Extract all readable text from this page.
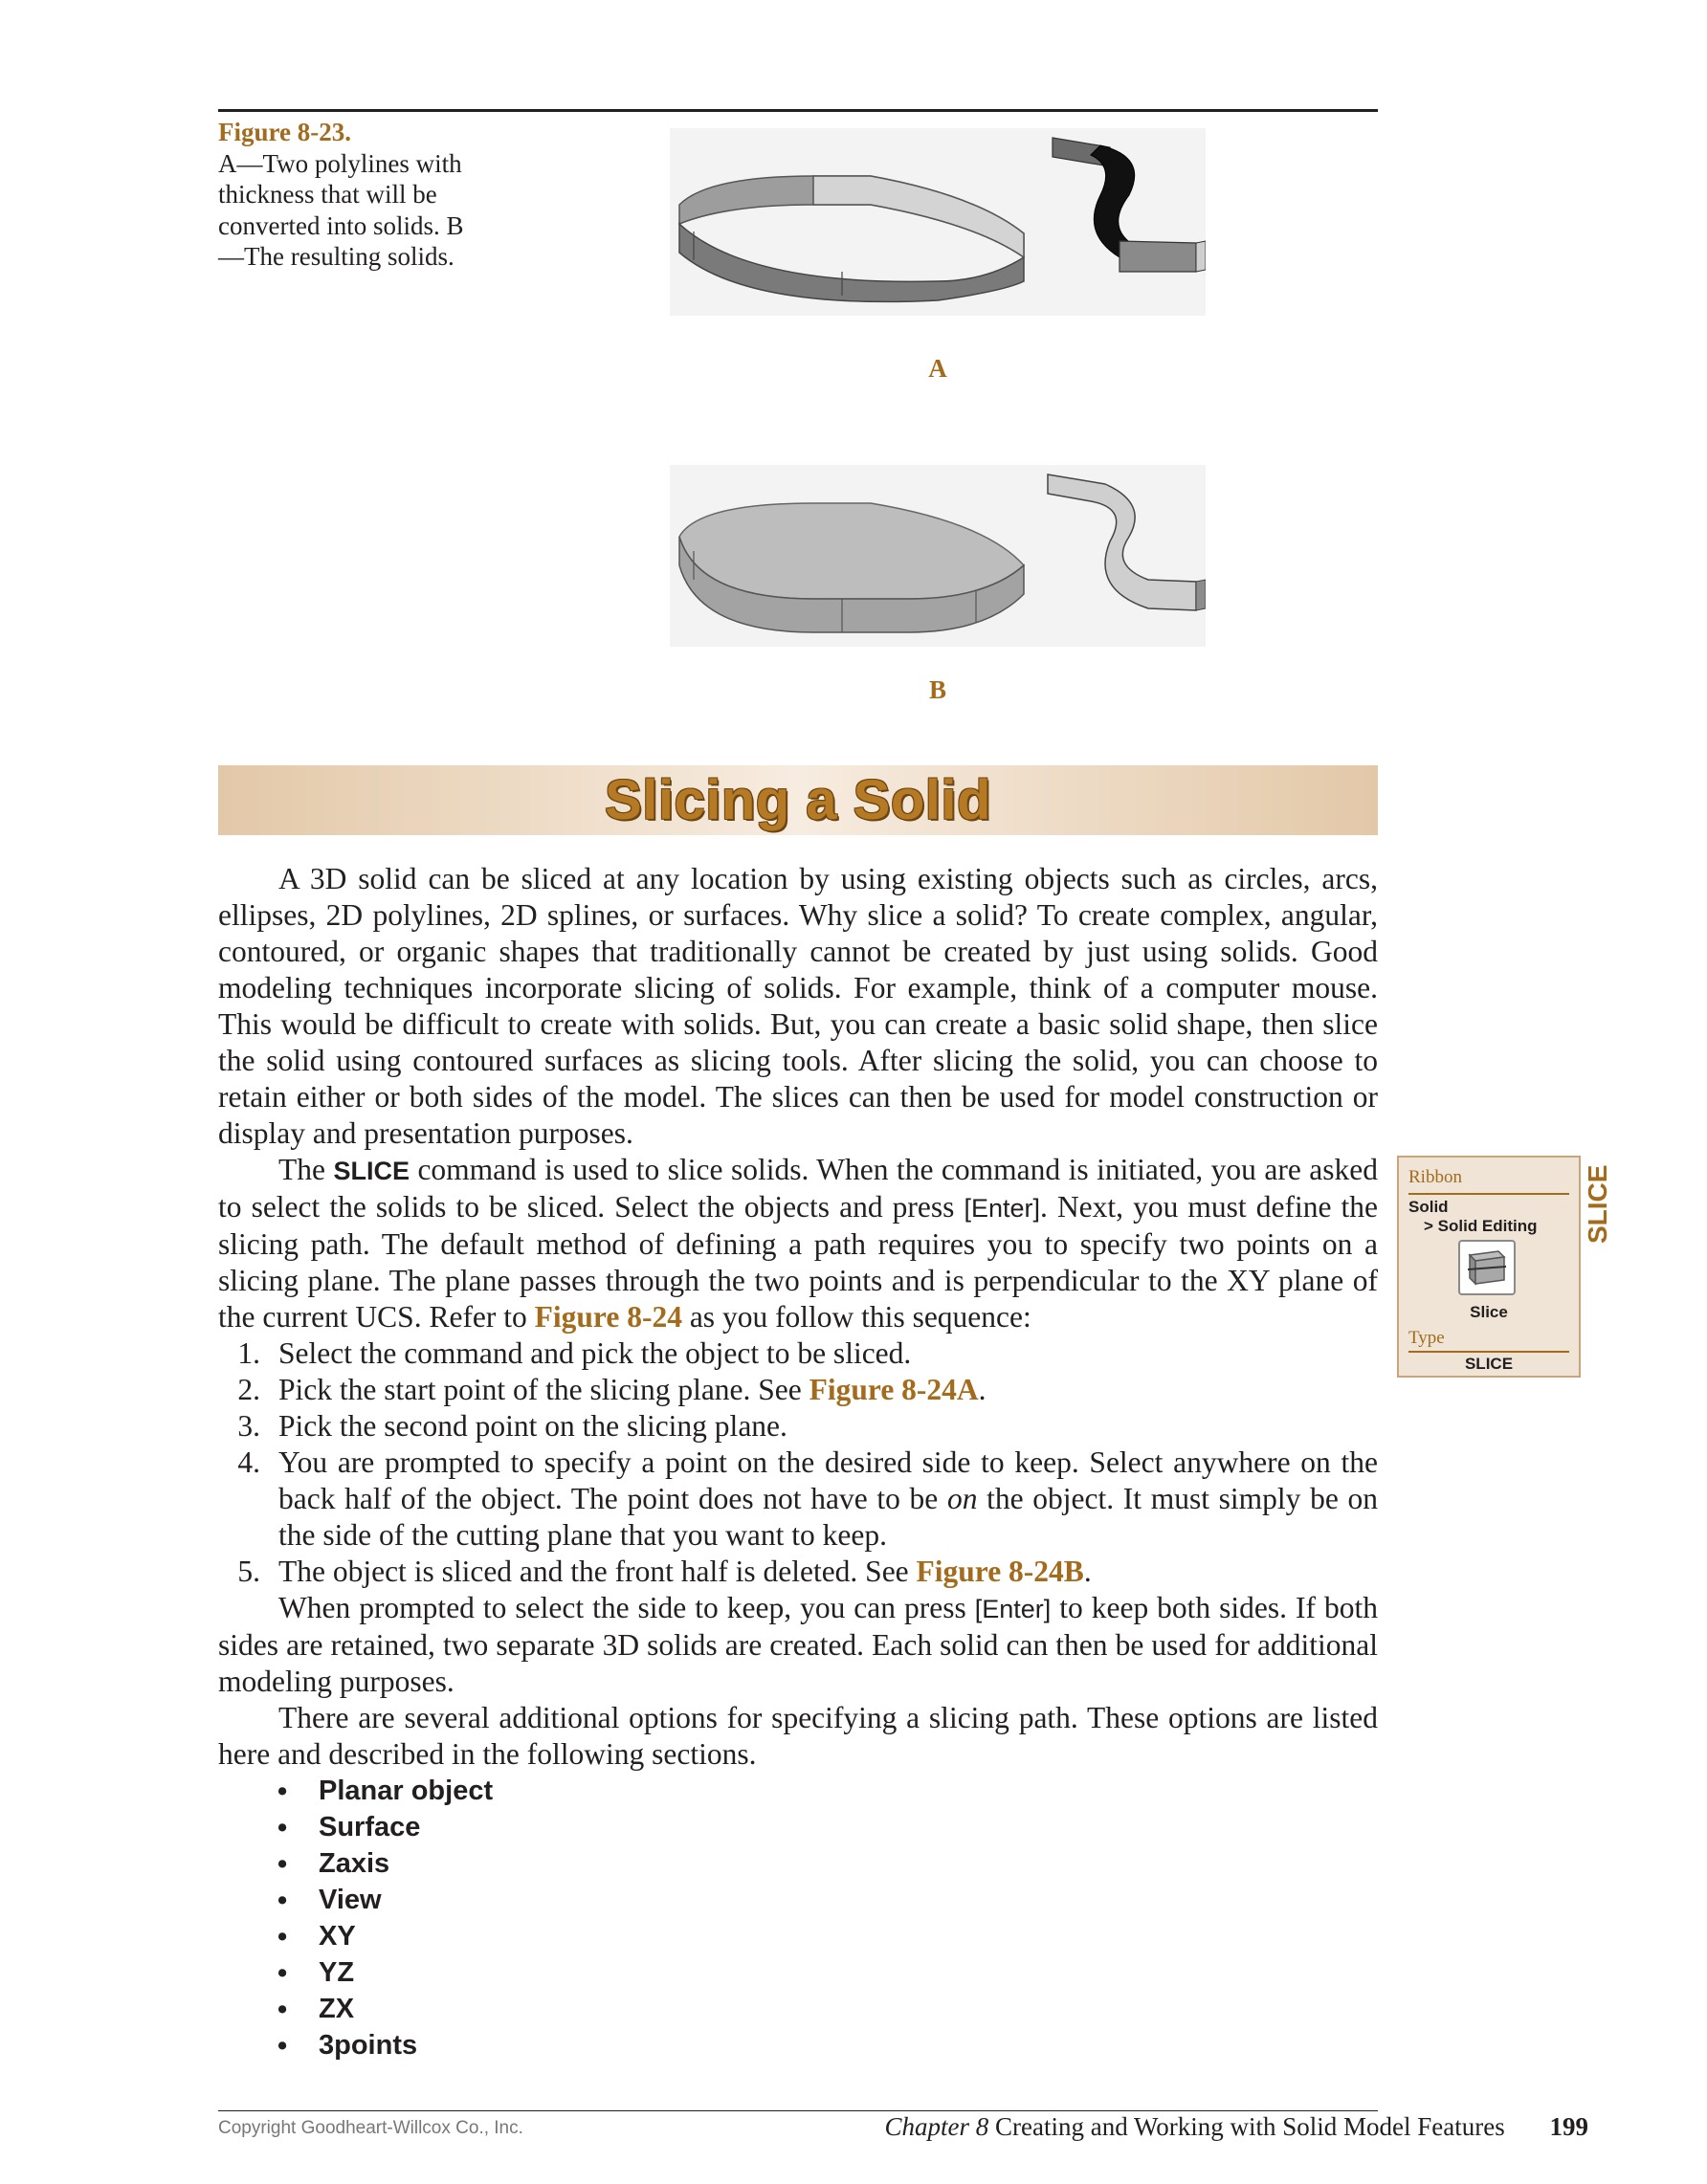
Figure 8-23.
A—Two polylines with thickness that will be converted into solids. B—The resulting solids.
A
B
Slicing a Solid

A 3D solid can be sliced at any location by using existing objects such as circles, arcs, ellipses, 2D polylines, 2D splines, or surfaces. Why slice a solid? To create complex, angular, contoured, or organic shapes that traditionally cannot be created by just using solids. Good modeling techniques incorporate slicing of solids. For example, think of a computer mouse. This would be difficult to create with solids. But, you can create a basic solid shape, then slice the solid using contoured surfaces as slicing tools. After slicing the solid, you can choose to retain either or both sides of the model. The slices can then be used for model construction or display and presentation purposes.

The SLICE command is used to slice solids. When the command is initiated, you are asked to select the solids to be sliced. Select the objects and press [Enter]. Next, you must define the slicing path. The default method of defining a path requires you to specify two points on a slicing plane. The plane passes through the two points and is perpendicular to the XY plane of the current UCS. Refer to Figure 8-24 as you follow this sequence:

1. Select the command and pick the object to be sliced.
2. Pick the start point of the slicing plane. See Figure 8-24A.
3. Pick the second point on the slicing plane.
4. You are prompted to specify a point on the desired side to keep. Select anywhere on the back half of the object. The point does not have to be on the object. It must simply be on the side of the cutting plane that you want to keep.
5. The object is sliced and the front half is deleted. See Figure 8-24B.

When prompted to select the side to keep, you can press [Enter] to keep both sides. If both sides are retained, two separate 3D solids are created. Each solid can then be used for additional modeling purposes.

There are several additional options for specifying a slicing path. These options are listed here and described in the following sections.

• Planar object
• Surface
• Zaxis
• View
• XY
• YZ
• ZX
• 3points
Ribbon
Solid
> Solid Editing
Slice
Type
SLICE
SLICE
Copyright Goodheart-Willcox Co., Inc.	Chapter 8 Creating and Working with Solid Model Features 199
